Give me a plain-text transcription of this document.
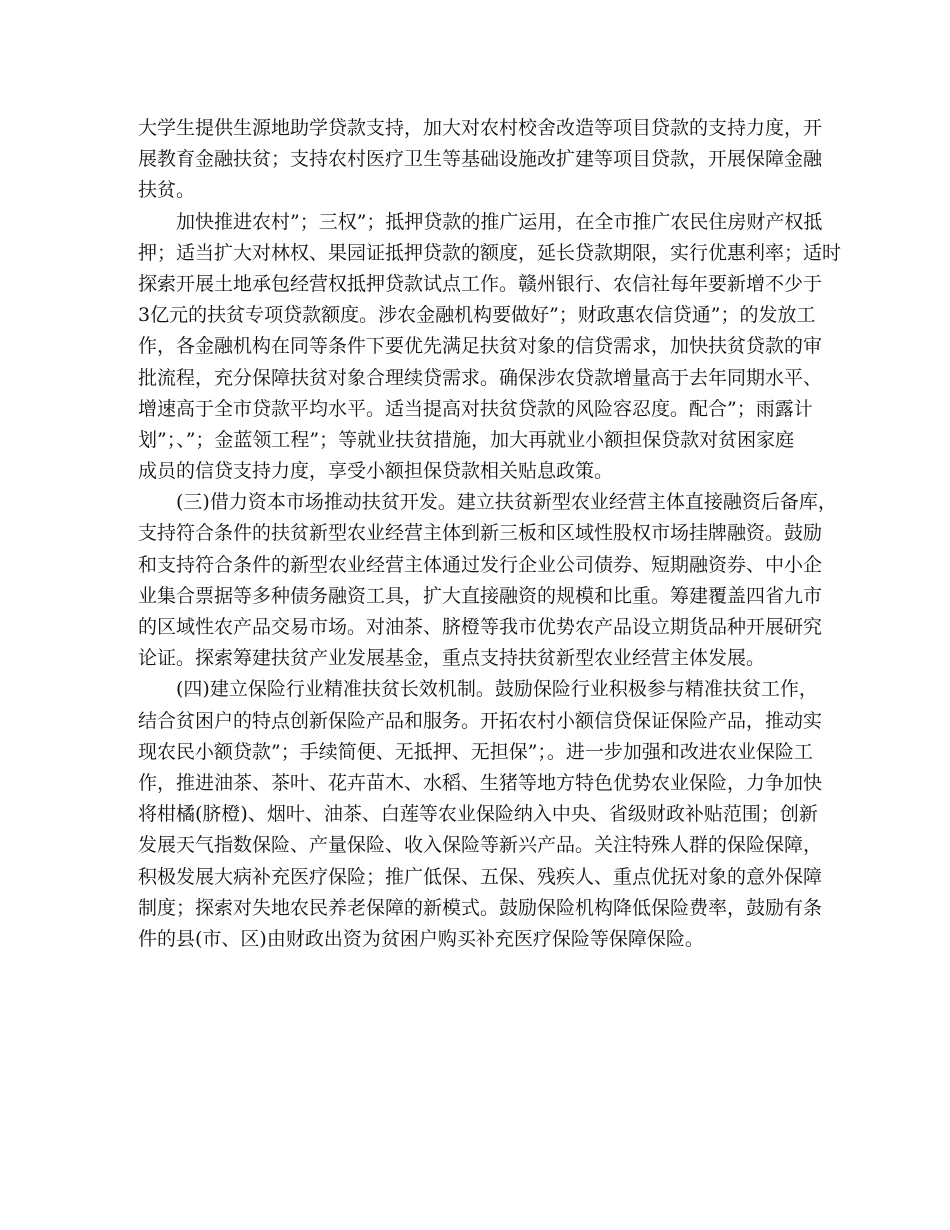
大学生提供生源地助学贷款支持，加大对农村校舍改造等项目贷款的支持力度，开
展教育金融扶贫；支持农村医疗卫生等基础设施改扩建等项目贷款，开展保障金融
扶贫。
　　加快推进农村”；三权”；抵押贷款的推广运用，在全市推广农民住房财产权抵
押；适当扩大对林权、果园证抵押贷款的额度，延长贷款期限，实行优惠利率；适时
探索开展土地承包经营权抵押贷款试点工作。赣州银行、农信社每年要新增不少于
3亿元的扶贫专项贷款额度。涉农金融机构要做好”；财政惠农信贷通”；的发放工
作，各金融机构在同等条件下要优先满足扶贫对象的信贷需求，加快扶贫贷款的审
批流程，充分保障扶贫对象合理续贷需求。确保涉农贷款增量高于去年同期水平、
增速高于全市贷款平均水平。适当提高对扶贫贷款的风险容忍度。配合”；雨露计
划”；、”；金蓝领工程”；等就业扶贫措施，加大再就业小额担保贷款对贫困家庭
成员的信贷支持力度，享受小额担保贷款相关贴息政策。
　　(三)借力资本市场推动扶贫开发。建立扶贫新型农业经营主体直接融资后备库，
支持符合条件的扶贫新型农业经营主体到新三板和区域性股权市场挂牌融资。鼓励
和支持符合条件的新型农业经营主体通过发行企业公司债券、短期融资券、中小企
业集合票据等多种债务融资工具，扩大直接融资的规模和比重。筹建覆盖四省九市
的区域性农产品交易市场。对油茶、脐橙等我市优势农产品设立期货品种开展研究
论证。探索筹建扶贫产业发展基金，重点支持扶贫新型农业经营主体发展。
　　(四)建立保险行业精准扶贫长效机制。鼓励保险行业积极参与精准扶贫工作，
结合贫困户的特点创新保险产品和服务。开拓农村小额信贷保证保险产品，推动实
现农民小额贷款”；手续简便、无抵押、无担保”；。进一步加强和改进农业保险工
作，推进油茶、茶叶、花卉苗木、水稻、生猪等地方特色优势农业保险，力争加快
将柑橘(脐橙)、烟叶、油茶、白莲等农业保险纳入中央、省级财政补贴范围；创新
发展天气指数保险、产量保险、收入保险等新兴产品。关注特殊人群的保险保障，
积极发展大病补充医疗保险；推广低保、五保、残疾人、重点优抚对象的意外保障
制度；探索对失地农民养老保障的新模式。鼓励保险机构降低保险费率，鼓励有条
件的县(市、区)由财政出资为贫困户购买补充医疗保险等保障保险。
